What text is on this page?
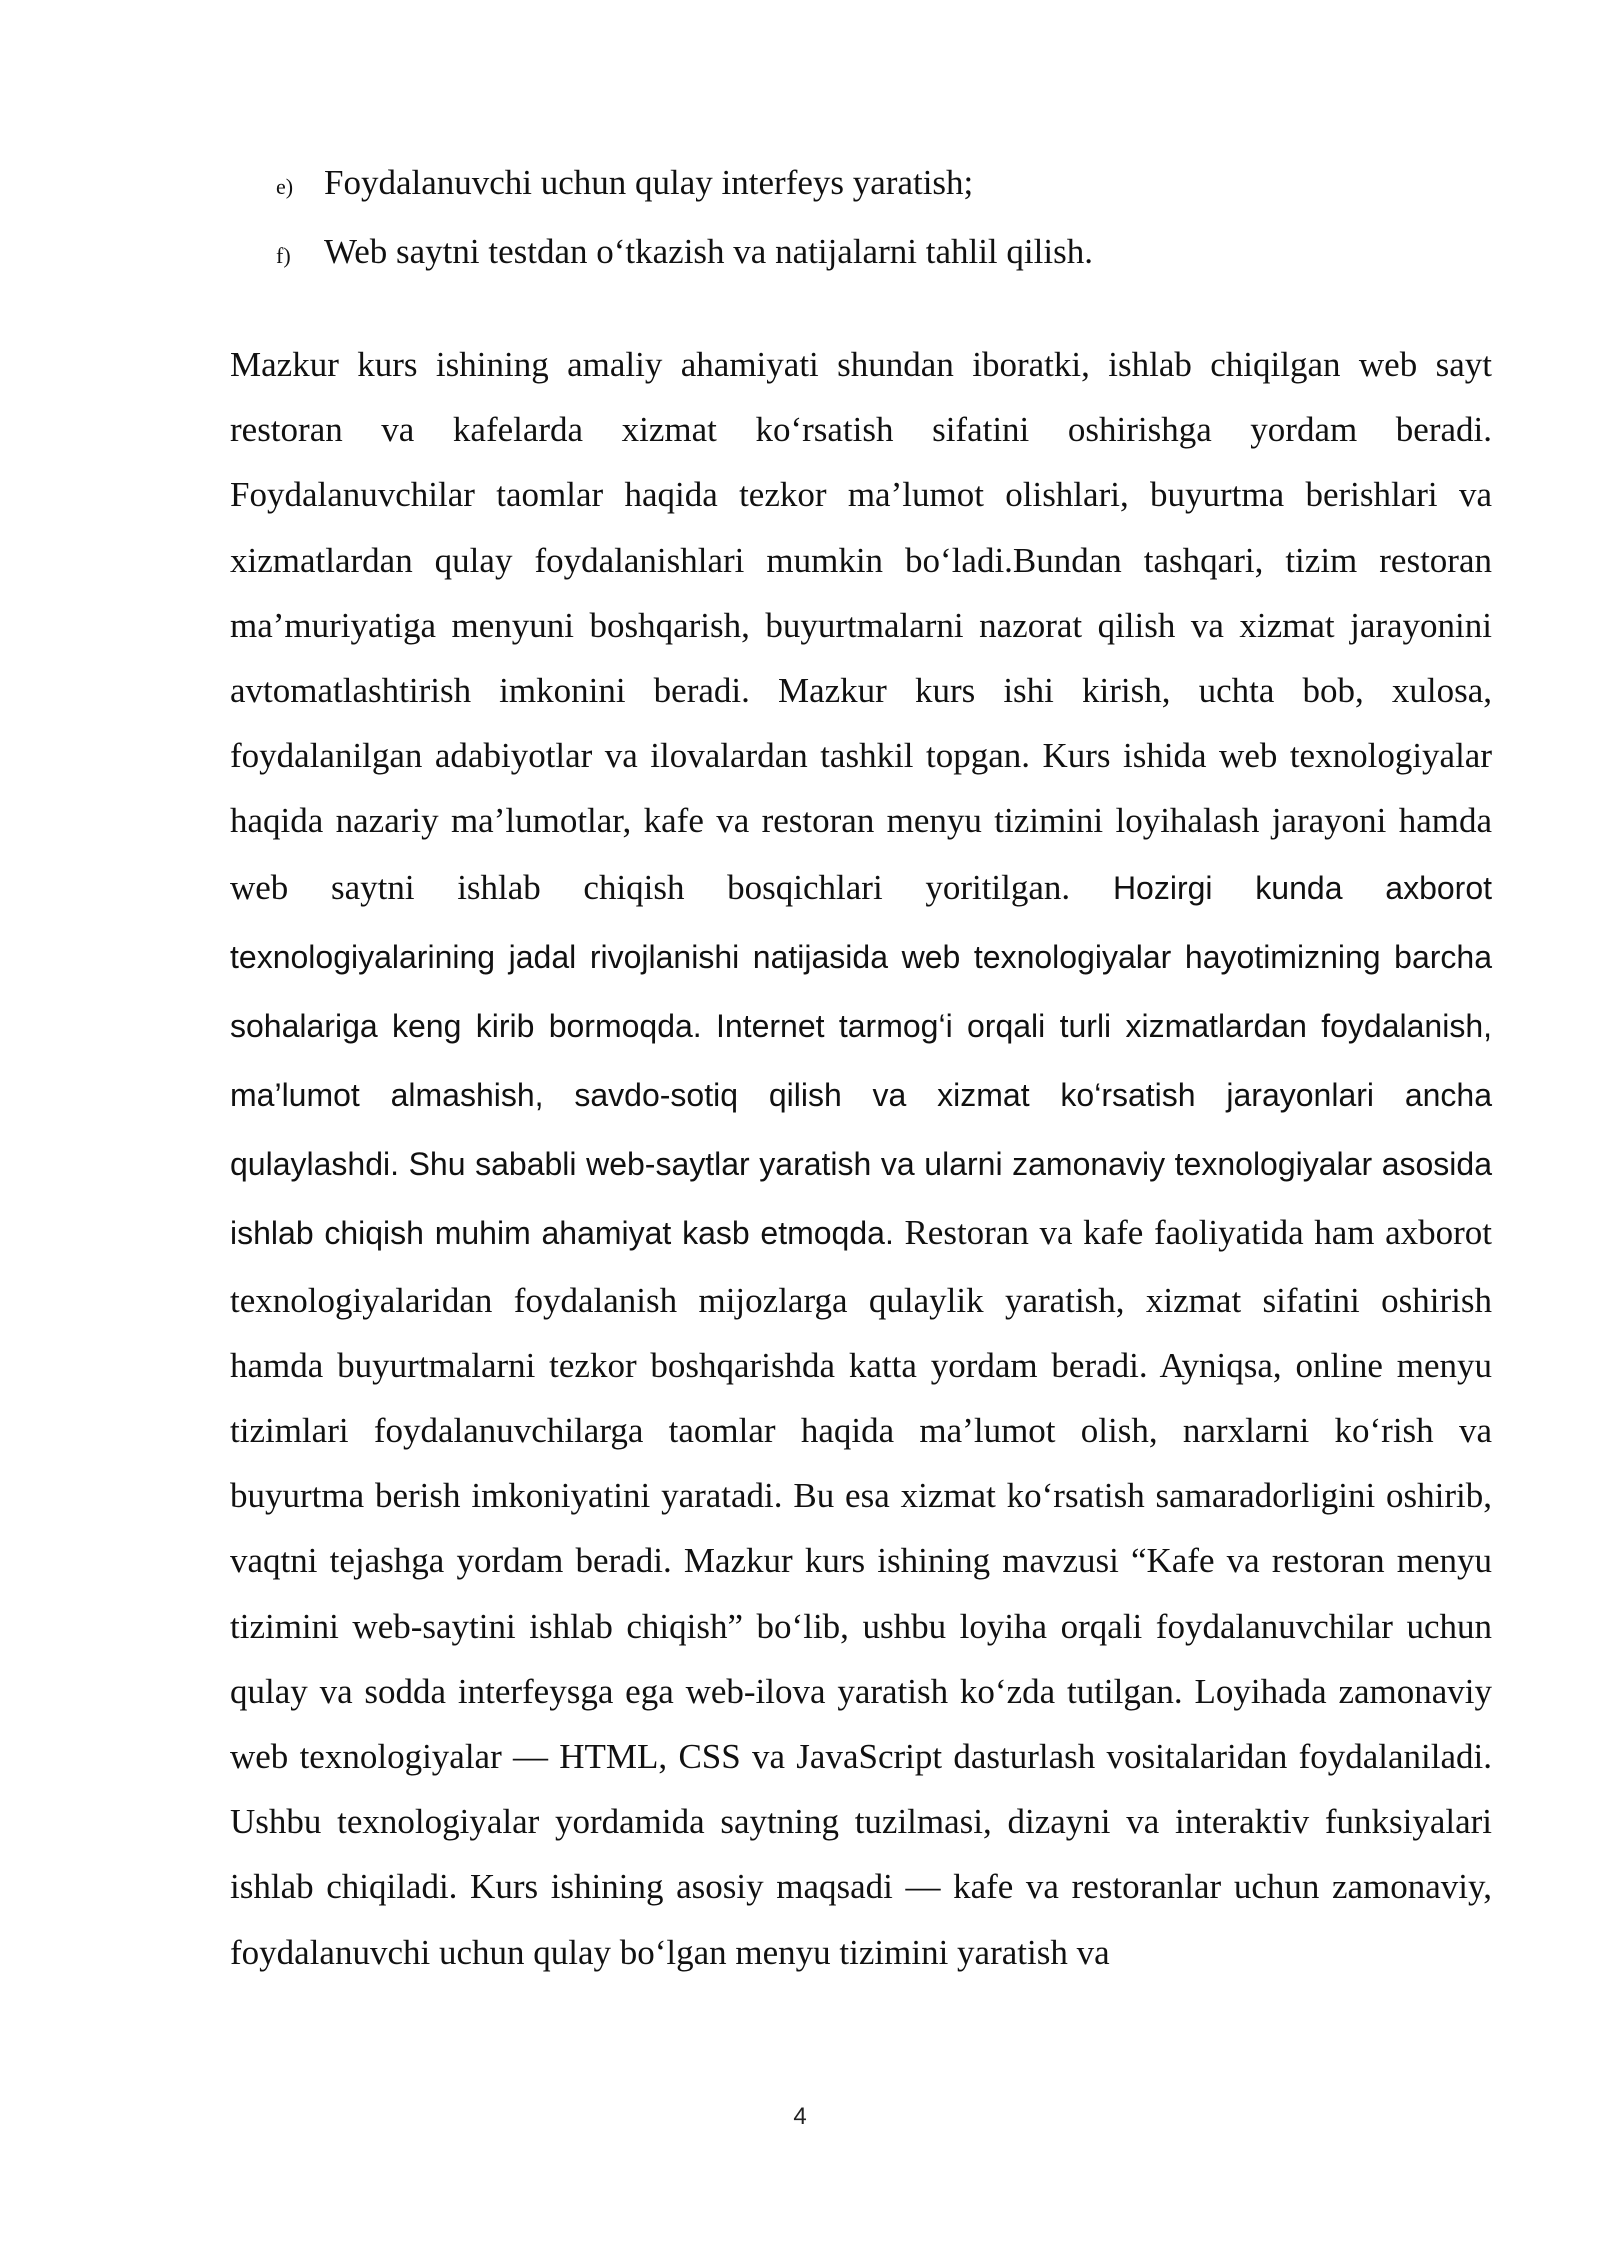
e) Foydalanuvchi uchun qulay interfeys yaratish;
f) Web saytni testdan o‘tkazish va natijalarni tahlil qilish.

Mazkur kurs ishining amaliy ahamiyati shundan iboratki, ishlab chiqilgan web sayt restoran va kafelarda xizmat ko‘rsatish sifatini oshirishga yordam beradi. Foydalanuvchilar taomlar haqida tezkor ma’lumot olishlari, buyurtma berishlari va xizmatlardan qulay foydalanishlari mumkin bo‘ladi.Bundan tashqari, tizim restoran ma’muriyatiga menyuni boshqarish, buyurtmalarni nazorat qilish va xizmat jarayonini avtomatlashtirish imkonini beradi. Mazkur kurs ishi kirish, uchta bob, xulosa, foydalanilgan adabiyotlar va ilovalardan tashkil topgan. Kurs ishida web texnologiyalar haqida nazariy ma’lumotlar, kafe va restoran menyu tizimini loyihalash jarayoni hamda web saytni ishlab chiqish bosqichlari yoritilgan. Hozirgi kunda axborot texnologiyalarining jadal rivojlanishi natijasida web texnologiyalar hayotimizning barcha sohalariga keng kirib bormoqda. Internet tarmog‘i orqali turli xizmatlardan foydalanish, ma’lumot almashish, savdo-sotiq qilish va xizmat ko‘rsatish jarayonlari ancha qulaylashdi. Shu sababli web-saytlar yaratish va ularni zamonaviy texnologiyalar asosida ishlab chiqish muhim ahamiyat kasb etmoqda. Restoran va kafe faoliyatida ham axborot texnologiyalaridan foydalanish mijozlarga qulaylik yaratish, xizmat sifatini oshirish hamda buyurtmalarni tezkor boshqarishda katta yordam beradi. Ayniqsa, online menyu tizimlari foydalanuvchilarga taomlar haqida ma’lumot olish, narxlarni ko‘rish va buyurtma berish imkoniyatini yaratadi. Bu esa xizmat ko‘rsatish samaradorligini oshirib, vaqtni tejashga yordam beradi. Mazkur kurs ishining mavzusi “Kafe va restoran menyu tizimini web-saytini ishlab chiqish” bo‘lib, ushbu loyiha orqali foydalanuvchilar uchun qulay va sodda interfeysga ega web-ilova yaratish ko‘zda tutilgan. Loyihada zamonaviy web texnologiyalar — HTML, CSS va JavaScript dasturlash vositalaridan foydalaniladi. Ushbu texnologiyalar yordamida saytning tuzilmasi, dizayni va interaktiv funksiyalari ishlab chiqiladi. Kurs ishining asosiy maqsadi — kafe va restoranlar uchun zamonaviy, foydalanuvchi uchun qulay bo‘lgan menyu tizimini yaratish va

4
